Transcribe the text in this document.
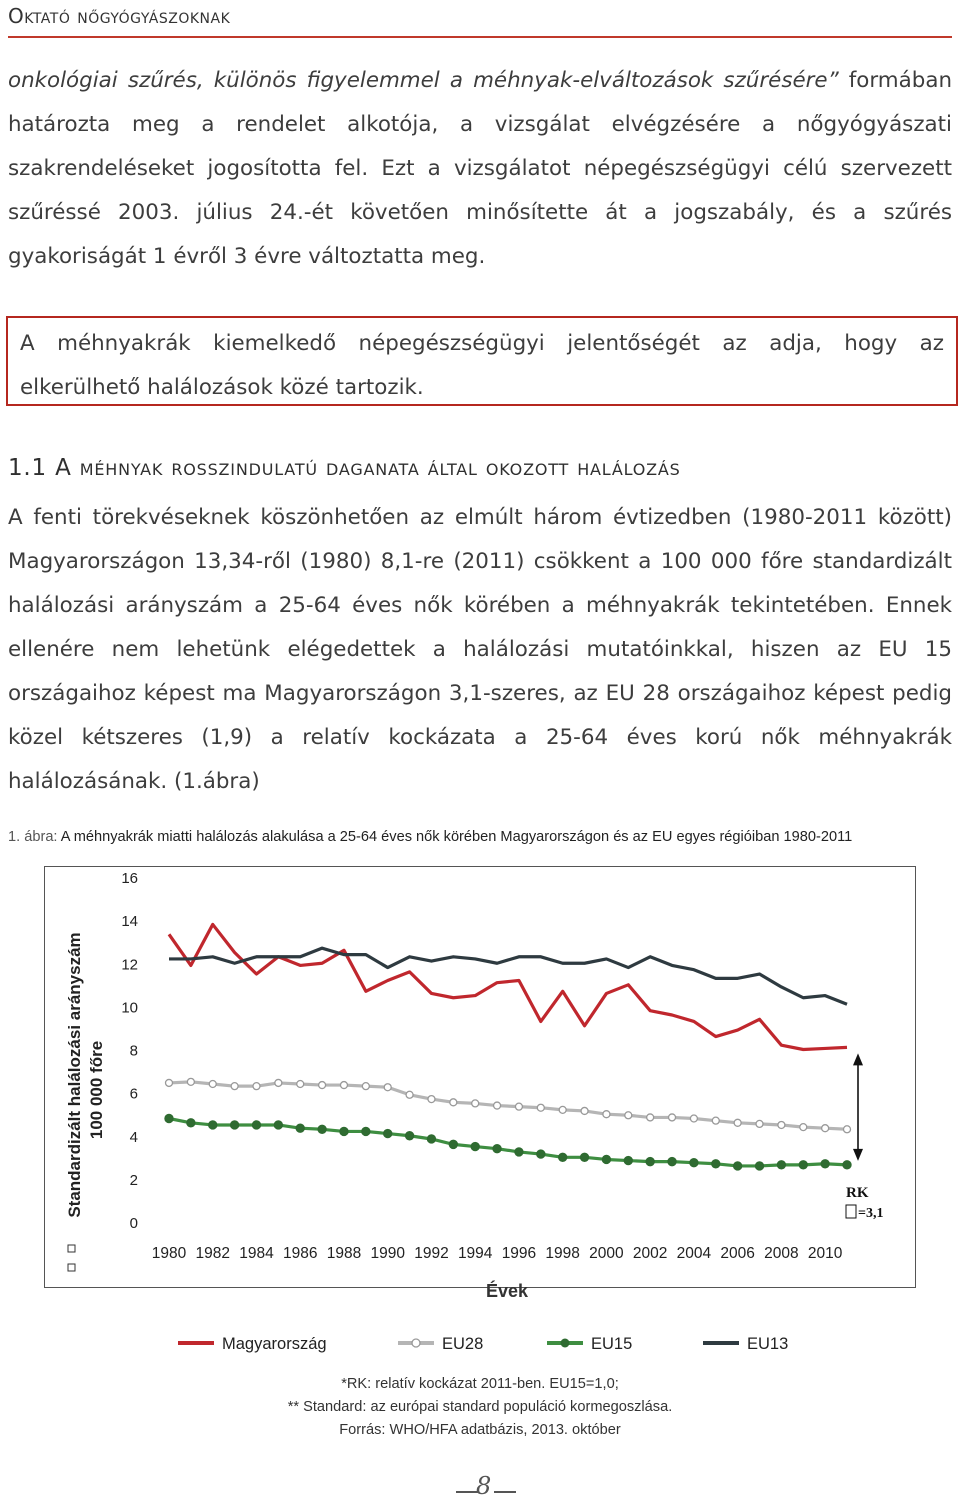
Oktató nőgyógyászoknak
onkológiai szűrés, különös figyelemmel a méhnyak-elváltozások szűrésére” formában határozta meg a rendelet alkotója, a vizsgálat elvégzésére a nőgyógyászati szakrendeléseket jogosította fel. Ezt a vizsgálatot népegészségügyi célú szervezett szűréssé 2003. július 24.-ét követően minősítette át a jogszabály, és a szűrés gyakoriságát 1 évről 3 évre változtatta meg.
A méhnyakrák kiemelkedő népegészségügyi jelentőségét az adja, hogy az elkerülhető halálozások közé tartozik.
1.1 A méhnyak rosszindulatú daganata által okozott halálozás
A fenti törekvéseknek köszönhetően az elmúlt három évtizedben (1980-2011 között) Magyarországon 13,34-ről (1980) 8,1-re (2011) csökkent a 100 000 főre standardizált halálozási arányszám a 25-64 éves nők körében a méhnyakrák tekintetében. Ennek ellenére nem lehetünk elégedettek a halálozási mutatóinkkal, hiszen az EU 15 országaihoz képest ma Magyarországon 3,1-szeres, az EU 28 országaihoz képest pedig közel kétszeres (1,9) a relatív kockázata a 25-64 éves korú nők méhnyakrák halálozásának. (1.ábra)
1. ábra: A méhnyakrák miatti halálozás alakulása a 25-64 éves nők körében Magyarországon és az EU egyes régióiban 1980-2011
0
2
4
6
8
10
12
14
16
1980 1982 1984 1986 1988 1990 1992 1994 1996 1998 2000 2002 2004 2006 2008 2010
Évek
Standardizált halálozási arányszám 100 000 főre
RK
=3,1
Magyarország	EU28	EU15	EU13
*RK: relatív kockázat 2011-ben. EU15=1,0;
** Standard: az európai standard populáció kormegoszlása.
Forrás: WHO/HFA adatbázis, 2013. október
8
